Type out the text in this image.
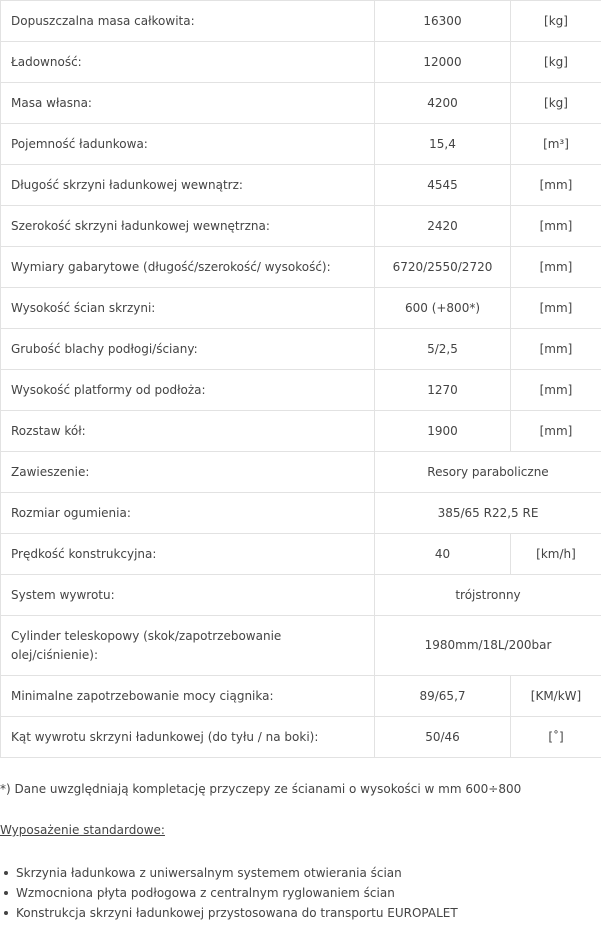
Dopuszczalna masa całkowita:	16300	[kg]
Ładowność:	12000	[kg]
Masa własna:	4200	[kg]
Pojemność ładunkowa:	15,4	[m³]
Długość skrzyni ładunkowej wewnątrz:	4545	[mm]
Szerokość skrzyni ładunkowej wewnętrzna:	2420	[mm]
Wymiary gabarytowe (długość/szerokość/ wysokość):	6720/2550/2720	[mm]
Wysokość ścian skrzyni:	600 (+800*)	[mm]
Grubość blachy podłogi/ściany:	5/2,5	[mm]
Wysokość platformy od podłoża:	1270	[mm]
Rozstaw kół:	1900	[mm]
Zawieszenie:	Resory paraboliczne	
Rozmiar ogumienia:	385/65 R22,5 RE	
Prędkość konstrukcyjna:	40	[km/h]
System wywrotu:	trójstronny	
Cylinder teleskopowy (skok/zapotrzebowanie olej/ciśnienie):	1980mm/18L/200bar	
Minimalne zapotrzebowanie mocy ciągnika:	89/65,7	[KM/kW]
Kąt wywrotu skrzyni ładunkowej (do tyłu / na boki):	50/46	[˚]

*) Dane uwzględniają kompletację przyczepy ze ścianami o wysokości w mm 600÷800

Wyposażenie standardowe:

Skrzynia ładunkowa z uniwersalnym systemem otwierania ścian
Wzmocniona płyta podłogowa z centralnym ryglowaniem ścian
Konstrukcja skrzyni ładunkowej przystosowana do transportu EUROPALET
